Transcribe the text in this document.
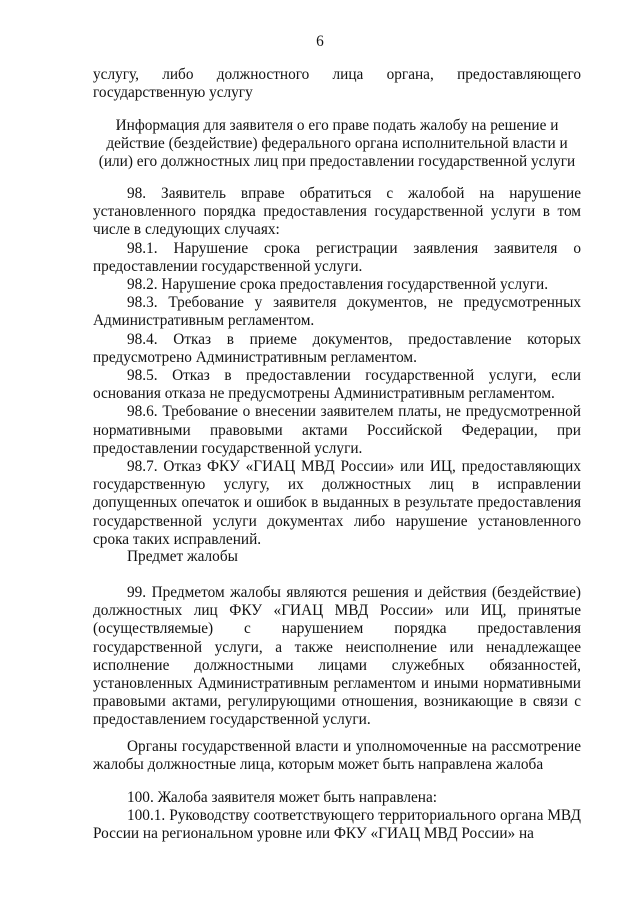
6

услугу, либо должностного лица органа, предоставляющего государственную услугу

Информация для заявителя о его праве подать жалобу на решение и действие (бездействие) федерального органа исполнительной власти и (или) его должностных лиц при предоставлении государственной услуги

98. Заявитель вправе обратиться с жалобой на нарушение установленного порядка предоставления государственной услуги в том числе в следующих случаях:

98.1. Нарушение срока регистрации заявления заявителя о предоставлении государственной услуги.

98.2. Нарушение срока предоставления государственной услуги.

98.3. Требование у заявителя документов, не предусмотренных Административным регламентом.

98.4. Отказ в приеме документов, предоставление которых предусмотрено Административным регламентом.

98.5. Отказ в предоставлении государственной услуги, если основания отказа не предусмотрены Административным регламентом.

98.6. Требование о внесении заявителем платы, не предусмотренной нормативными правовыми актами Российской Федерации, при предоставлении государственной услуги.

98.7. Отказ ФКУ «ГИАЦ МВД России» или ИЦ, предоставляющих государственную услугу, их должностных лиц в исправлении допущенных опечаток и ошибок в выданных в результате предоставления государственной услуги документах либо нарушение установленного срока таких исправлений.

Предмет жалобы

99. Предметом жалобы являются решения и действия (бездействие) должностных лиц ФКУ «ГИАЦ МВД России» или ИЦ, принятые (осуществляемые) с нарушением порядка предоставления государственной услуги, а также неисполнение или ненадлежащее исполнение должностными лицами служебных обязанностей, установленных Административным регламентом и иными нормативными правовыми актами, регулирующими отношения, возникающие в связи с предоставлением государственной услуги.

Органы государственной власти и уполномоченные на рассмотрение жалобы должностные лица, которым может быть направлена жалоба

100. Жалоба заявителя может быть направлена:

100.1. Руководству соответствующего территориального органа МВД России на региональном уровне или ФКУ «ГИАЦ МВД России» на
